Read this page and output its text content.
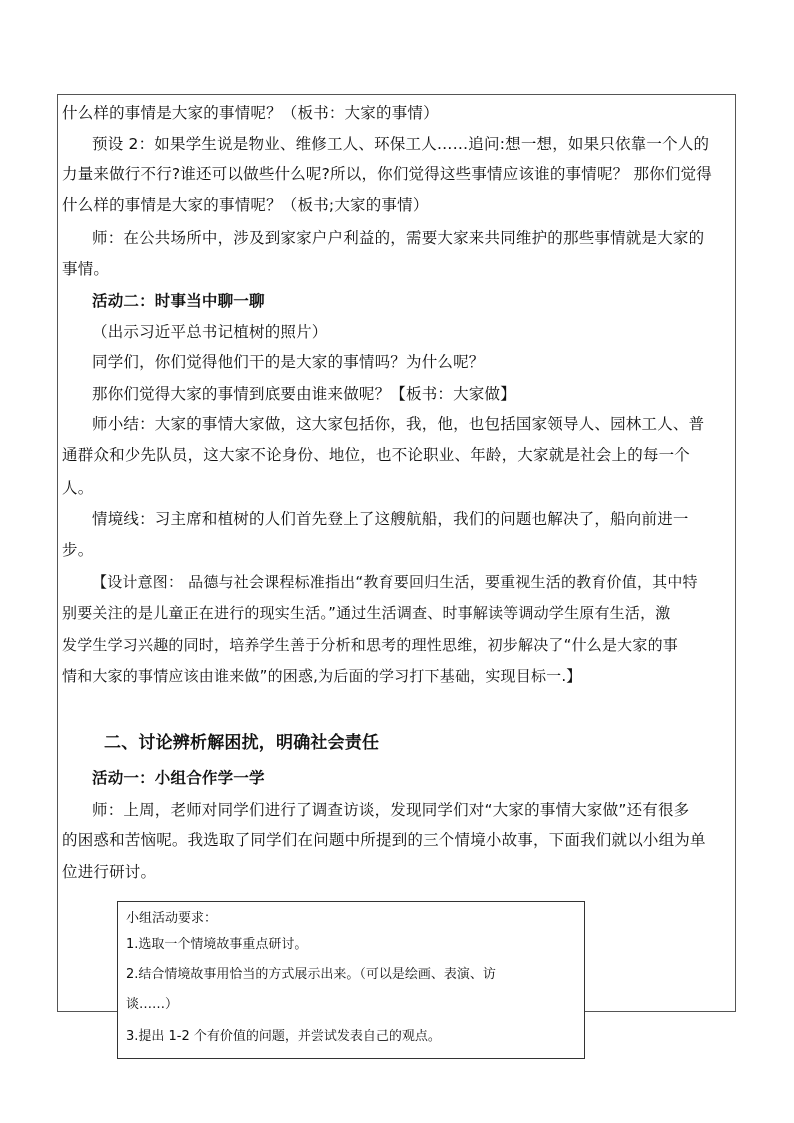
什么样的事情是大家的事情呢？（板书：大家的事情）
预设 2：如果学生说是物业、维修工人、环保工人……追问:想一想，如果只依靠一个人的
力量来做行不行?谁还可以做些什么呢?所以，你们觉得这些事情应该谁的事情呢？ 那你们觉得
什么样的事情是大家的事情呢？（板书;大家的事情）
师：在公共场所中，涉及到家家户户利益的，需要大家来共同维护的那些事情就是大家的
事情。
活动二：时事当中聊一聊
（出示习近平总书记植树的照片）
同学们，你们觉得他们干的是大家的事情吗？为什么呢？
那你们觉得大家的事情到底要由谁来做呢？【板书：大家做】
师小结：大家的事情大家做，这大家包括你，我，他，也包括国家领导人、园林工人、普
通群众和少先队员，这大家不论身份、地位，也不论职业、年龄，大家就是社会上的每一个
人。
情境线：习主席和植树的人们首先登上了这艘航船，我们的问题也解决了，船向前进一
步。
【设计意图： 品德与社会课程标准指出“教育要回归生活，要重视生活的教育价值，其中特
别要关注的是儿童正在进行的现实生活。”通过生活调查、时事解读等调动学生原有生活，激
发学生学习兴趣的同时，培养学生善于分析和思考的理性思维，初步解决了“什么是大家的事
情和大家的事情应该由谁来做”的困惑,为后面的学习打下基础，实现目标一.】
二、讨论辨析解困扰，明确社会责任
活动一：小组合作学一学
师：上周，老师对同学们进行了调查访谈，发现同学们对“大家的事情大家做”还有很多
的困惑和苦恼呢。我选取了同学们在问题中所提到的三个情境小故事，下面我们就以小组为单
位进行研讨。
小组活动要求：
1.选取一个情境故事重点研讨。
2.结合情境故事用恰当的方式展示出来。（可以是绘画、表演、访
谈……）
3.提出 1-2 个有价值的问题，并尝试发表自己的观点。
